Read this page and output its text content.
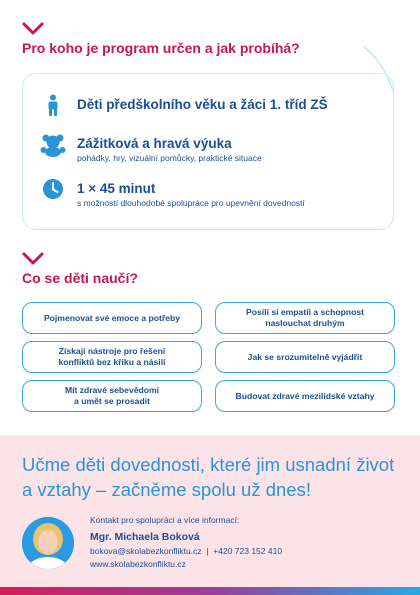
Pro koho je program určen a jak probíhá?
Děti předškolního věku a žáci 1. tříd ZŠ
Zážitková a hravá výuka
pohádky, hry, vizuální pomůcky, praktické situace
1 × 45 minut
s možností dlouhodobé spolupráce pro upevnění dovedností
Co se děti naučí?
Pojmenovat své emoce a potřeby
Posílí si empatii a schopnost
naslouchat druhým
Získají nástroje pro řešení
konfliktů bez křiku a násilí
Jak se srozumitelně vyjádřit
Mít zdravé sebevědomí
a umět se prosadit
Budovat zdravé mezilidské vztahy
Učme děti dovednosti, které jim usnadní život a vztahy – začněme spolu už dnes!
Kontakt pro spolupráci a více informací:
Mgr. Michaela Boková
bokova@skolabezkonfliktu.cz  |  +420 723 152 410
www.skolabezkonfliktu.cz
